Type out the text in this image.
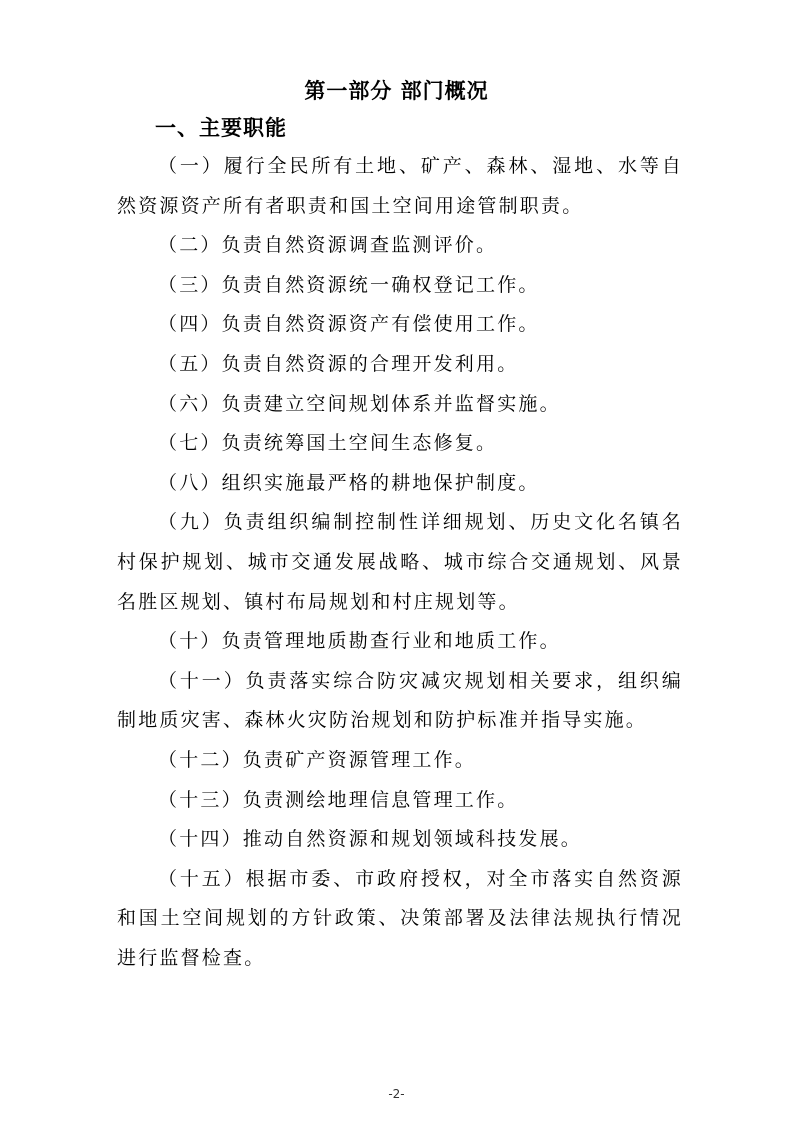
第一部分 部门概况
一、主要职能

（一）履行全民所有土地、矿产、森林、湿地、水等自然资源资产所有者职责和国土空间用途管制职责。

（二）负责自然资源调查监测评价。

（三）负责自然资源统一确权登记工作。

（四）负责自然资源资产有偿使用工作。

（五）负责自然资源的合理开发利用。

（六）负责建立空间规划体系并监督实施。

（七）负责统筹国土空间生态修复。

（八）组织实施最严格的耕地保护制度。

（九）负责组织编制控制性详细规划、历史文化名镇名村保护规划、城市交通发展战略、城市综合交通规划、风景名胜区规划、镇村布局规划和村庄规划等。

（十）负责管理地质勘查行业和地质工作。

（十一）负责落实综合防灾减灾规划相关要求，组织编制地质灾害、森林火灾防治规划和防护标准并指导实施。

（十二）负责矿产资源管理工作。

（十三）负责测绘地理信息管理工作。

（十四）推动自然资源和规划领域科技发展。

（十五）根据市委、市政府授权，对全市落实自然资源和国土空间规划的方针政策、决策部署及法律法规执行情况进行监督检查。

-2-
